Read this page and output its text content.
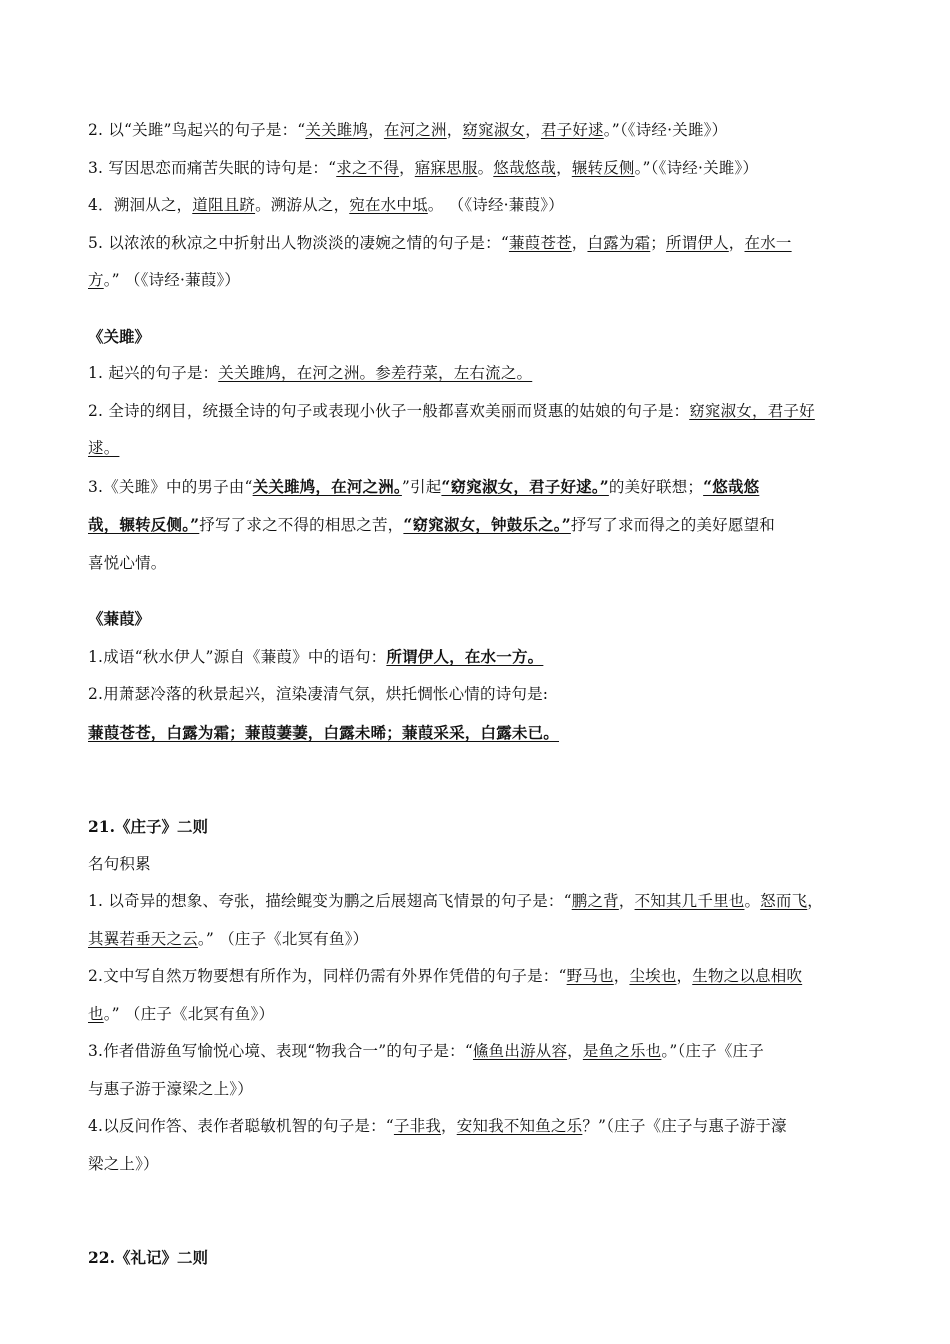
2. 以“关雎”鸟起兴的句子是：“关关雎鸠，在河之洲，窈窕淑女，君子好逑。”（《诗经·关雎》）
3. 写因思恋而痛苦失眠的诗句是：“求之不得，寤寐思服。悠哉悠哉，辗转反侧。”（《诗经·关雎》）
4．溯洄从之，道阻且跻。溯游从之，宛在水中坻。 （《诗经·蒹葭》）
5. 以浓浓的秋凉之中折射出人物淡淡的凄婉之情的句子是：“蒹葭苍苍，白露为霜；所谓伊人，在水一
方。” （《诗经·蒹葭》）
《关雎》
1. 起兴的句子是：关关雎鸠，在河之洲。参差荇菜，左右流之。
2. 全诗的纲目，统摄全诗的句子或表现小伙子一般都喜欢美丽而贤惠的姑娘的句子是：窈窕淑女，君子好
逑。
3.《关雎》中的男子由“关关雎鸠，在河之洲。”引起“窈窕淑女，君子好逑。”的美好联想；“悠哉悠
哉，辗转反侧。”抒写了求之不得的相思之苦，“窈窕淑女，钟鼓乐之。”抒写了求而得之的美好愿望和
喜悦心情。
《蒹葭》
1.成语“秋水伊人”源自《蒹葭》中的语句：所谓伊人，在水一方。
2.用萧瑟冷落的秋景起兴，渲染凄清气氛，烘托惆怅心情的诗句是:
蒹葭苍苍，白露为霜；蒹葭萋萋，白露未晞；蒹葭采采，白露未已。
21.《庄子》二则
名句积累
1. 以奇异的想象、夸张，描绘鲲变为鹏之后展翅高飞情景的句子是：“鹏之背，不知其几千里也。怒而飞，
其翼若垂天之云。” （庄子《北冥有鱼》）
2.文中写自然万物要想有所作为，同样仍需有外界作凭借的句子是：“野马也，尘埃也，生物之以息相吹
也。” （庄子《北冥有鱼》）
3.作者借游鱼写愉悦心境、表现“物我合一”的句子是：“鯈鱼出游从容，是鱼之乐也。”（庄子《庄子
与惠子游于濠梁之上》）
4.以反问作答、表作者聪敏机智的句子是：“子非我，安知我不知鱼之乐？”（庄子《庄子与惠子游于濠
梁之上》）
22.《礼记》二则
